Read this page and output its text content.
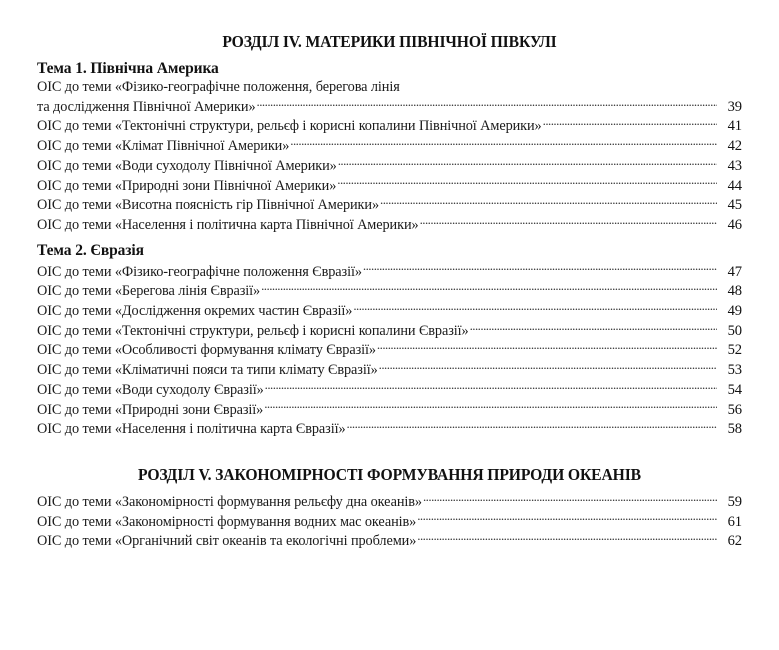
РОЗДІЛ IV. МАТЕРИКИ ПІВНІЧНОЇ ПІВКУЛІ
Тема 1. Північна Америка
ОІС до теми «Фізико-географічне положення, берегова лінія
та дослідження Північної Америки» .....	39
ОІС до теми «Тектонічні структури, рельєф і корисні копалини Північної Америки» .....	41
ОІС до теми «Клімат Північної Америки» .....	42
ОІС до теми «Води суходолу Північної Америки» .....	43
ОІС до теми «Природні зони Північної Америки» .....	44
ОІС до теми «Висотна поясність гір Північної Америки» .....	45
ОІС до теми «Населення і політична карта Північної Америки» .....	46
Тема 2. Євразія
ОІС до теми «Фізико-географічне положення Євразії» .....	47
ОІС до теми «Берегова лінія Євразії» .....	48
ОІС до теми «Дослідження окремих частин Євразії» .....	49
ОІС до теми «Тектонічні структури, рельєф і корисні копалини Євразії» .....	50
ОІС до теми «Особливості формування клімату Євразії» .....	52
ОІС до теми «Кліматичні пояси та типи клімату Євразії» .....	53
ОІС до теми «Води суходолу Євразії» .....	54
ОІС до теми «Природні зони Євразії» .....	56
ОІС до теми «Населення і політична карта Євразії» .....	58
РОЗДІЛ V. ЗАКОНОМІРНОСТІ ФОРМУВАННЯ ПРИРОДИ ОКЕАНІВ
ОІС до теми «Закономірності формування рельєфу дна океанів» .....	59
ОІС до теми «Закономірності формування водних мас океанів» .....	61
ОІС до теми «Органічний світ океанів та екологічні проблеми» .....	62
